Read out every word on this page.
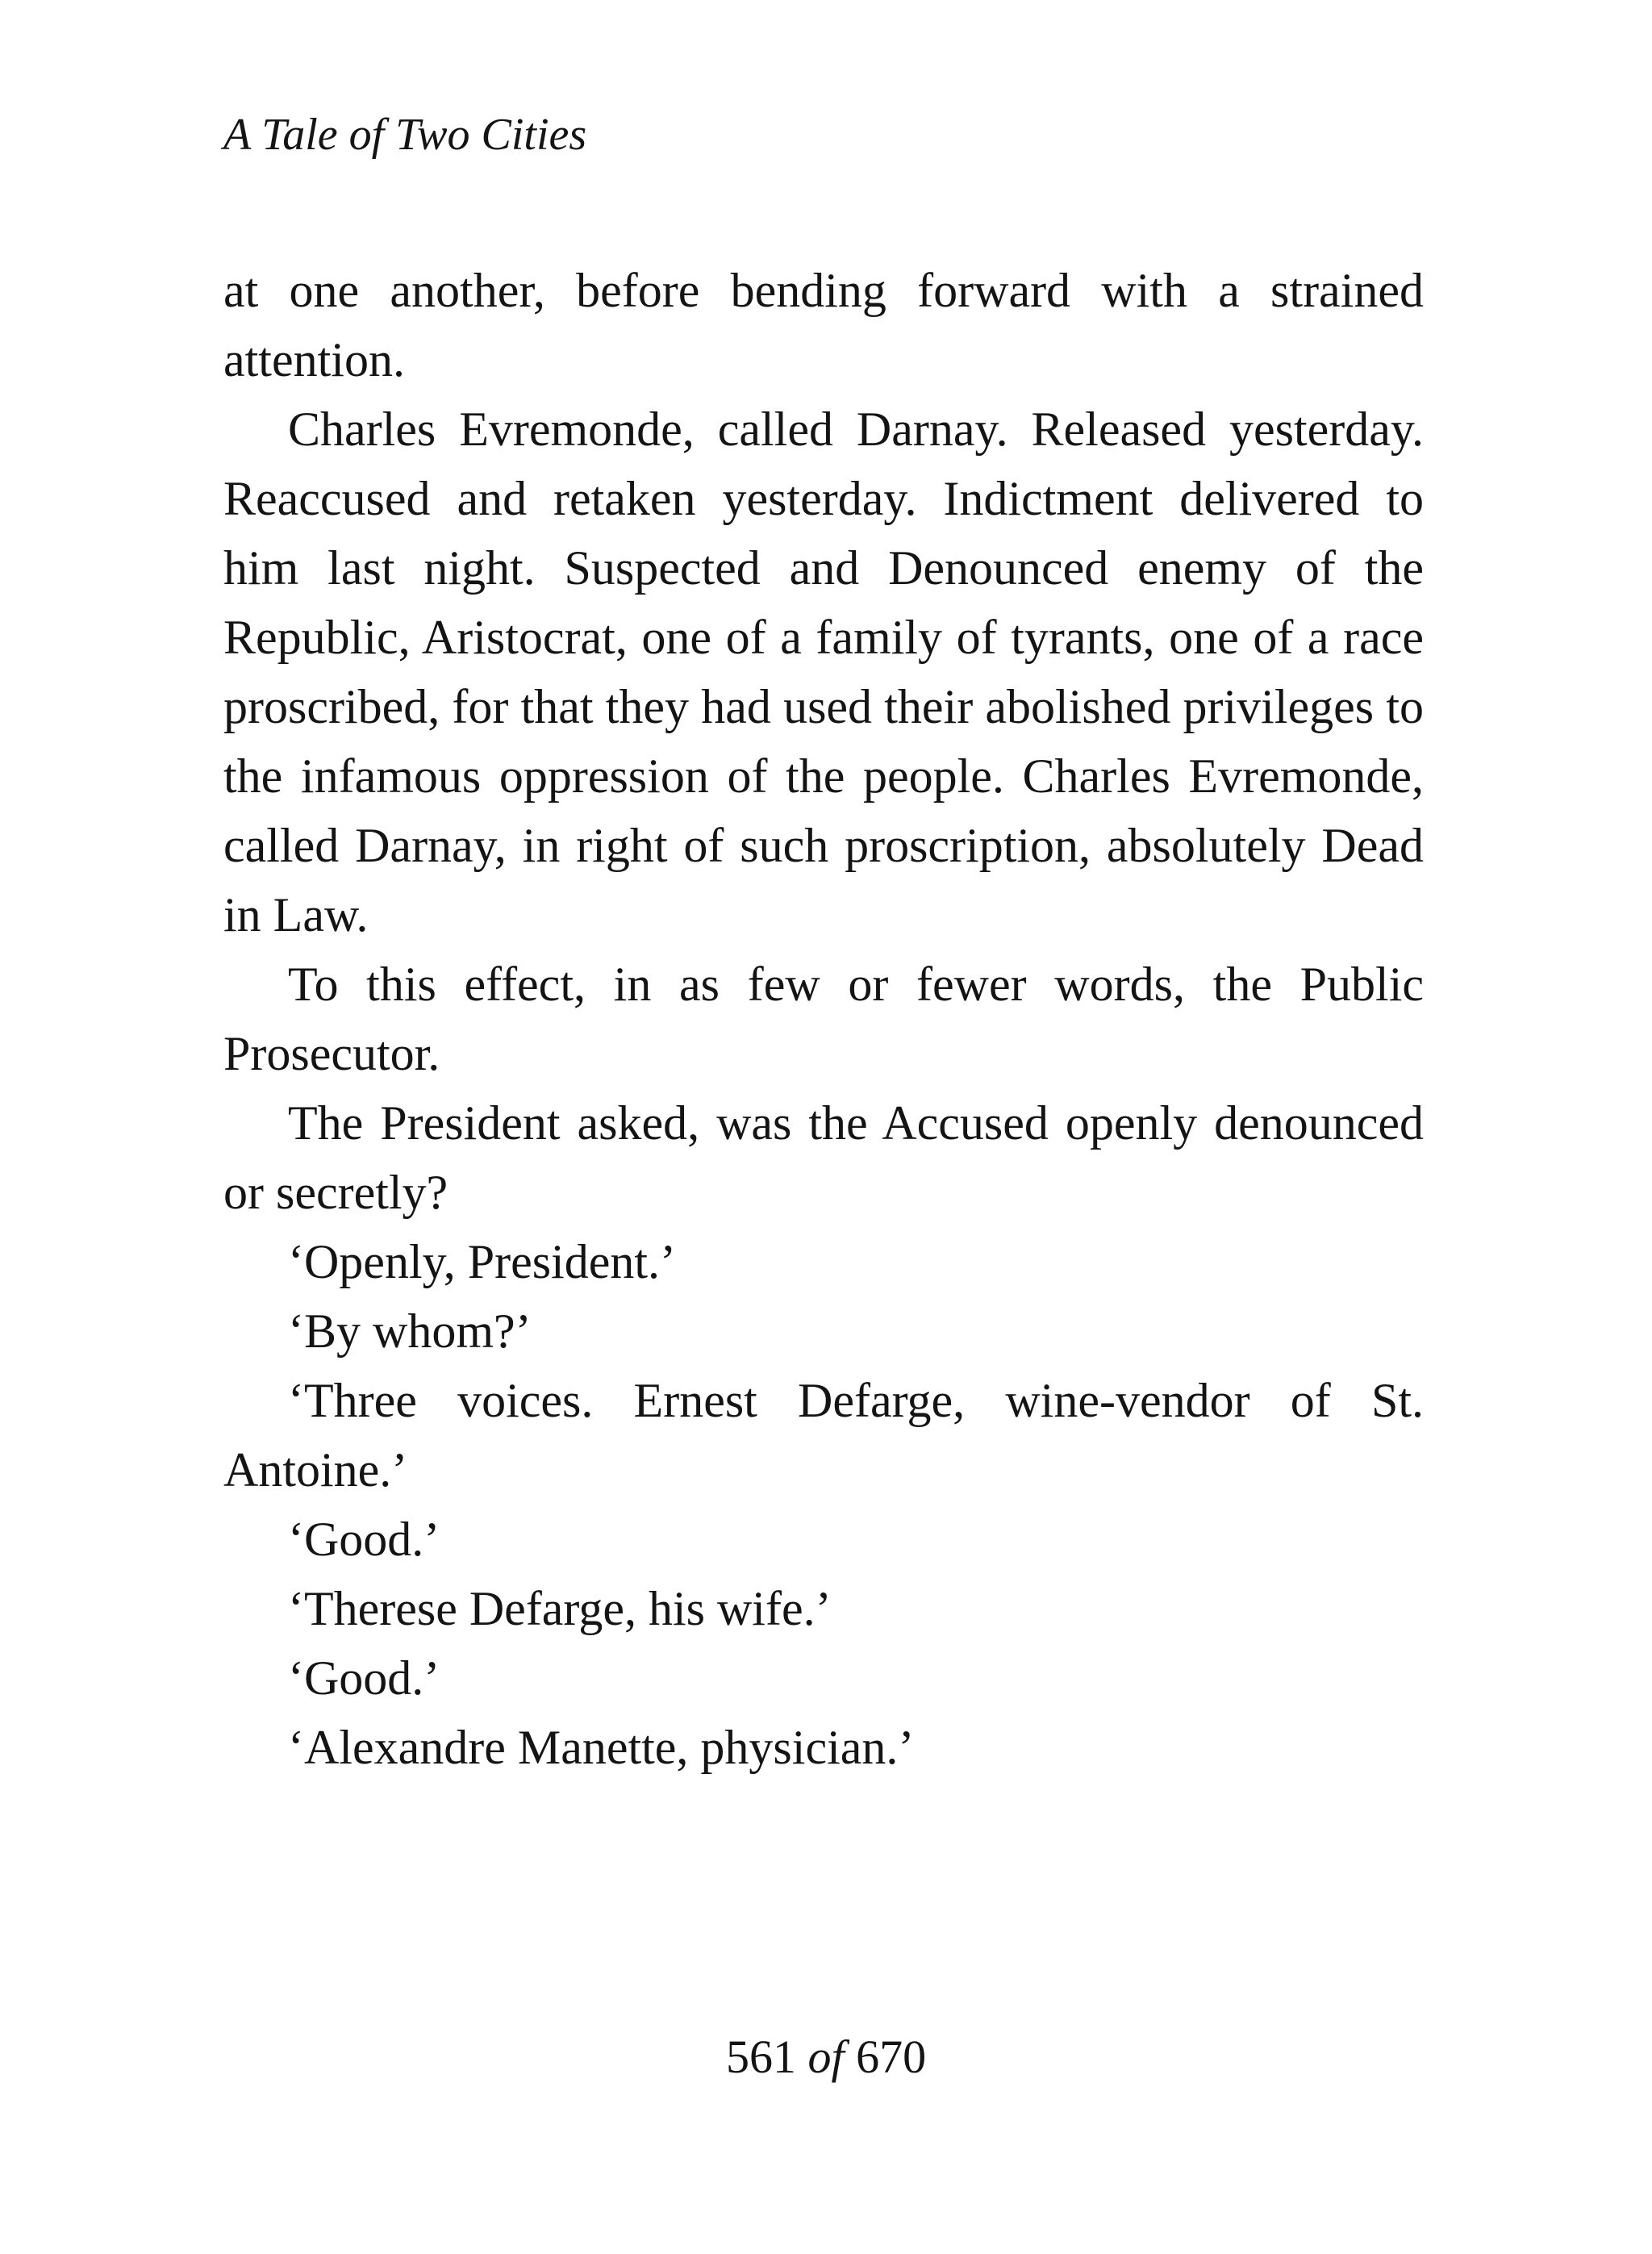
A Tale of Two Cities

at one another, before bending forward with a strained attention.

Charles Evremonde, called Darnay. Released yesterday. Reaccused and retaken yesterday. Indictment delivered to him last night. Suspected and Denounced enemy of the Republic, Aristocrat, one of a family of tyrants, one of a race proscribed, for that they had used their abolished privileges to the infamous oppression of the people. Charles Evremonde, called Darnay, in right of such proscription, absolutely Dead in Law.

To this effect, in as few or fewer words, the Public Prosecutor.

The President asked, was the Accused openly denounced or secretly?

‘Openly, President.’

‘By whom?’

‘Three voices. Ernest Defarge, wine-vendor of St. Antoine.’

‘Good.’

‘Therese Defarge, his wife.’

‘Good.’

‘Alexandre Manette, physician.’

561 of 670
